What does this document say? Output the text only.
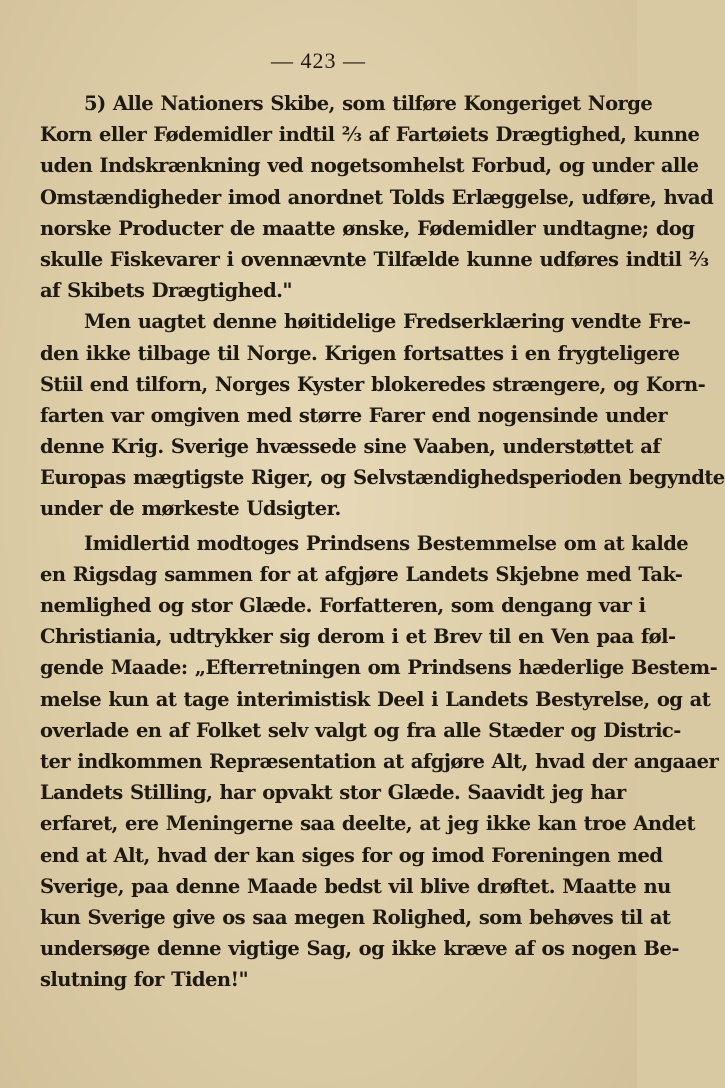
— 423 —
5) Alle Nationers Skibe, som tilføre Kongeriget Norge
Korn eller Fødemidler indtil ⅔ af Fartøiets Drægtighed, kunne
uden Indskrænkning ved nogetsomhelst Forbud, og under alle
Omstændigheder imod anordnet Tolds Erlæggelse, udføre, hvad
norske Producter de maatte ønske, Fødemidler undtagne; dog
skulle Fiskevarer i ovennævnte Tilfælde kunne udføres indtil ⅔
af Skibets Drægtighed."
Men uagtet denne høitidelige Fredserklæring vendte Fre-
den ikke tilbage til Norge. Krigen fortsattes i en frygteligere
Stiil end tilforn, Norges Kyster blokeredes strængere, og Korn-
farten var omgiven med større Farer end nogensinde under
denne Krig. Sverige hvæssede sine Vaaben, understøttet af
Europas mægtigste Riger, og Selvstændighedsperioden begyndte
under de mørkeste Udsigter.
Imidlertid modtoges Prindsens Bestemmelse om at kalde
en Rigsdag sammen for at afgjøre Landets Skjebne med Tak-
nemlighed og stor Glæde. Forfatteren, som dengang var i
Christiania, udtrykker sig derom i et Brev til en Ven paa føl-
gende Maade: „Efterretningen om Prindsens hæderlige Bestem-
melse kun at tage interimistisk Deel i Landets Bestyrelse, og at
overlade en af Folket selv valgt og fra alle Stæder og Distric-
ter indkommen Repræsentation at afgjøre Alt, hvad der angaaer
Landets Stilling, har opvakt stor Glæde. Saavidt jeg har
erfaret, ere Meningerne saa deelte, at jeg ikke kan troe Andet
end at Alt, hvad der kan siges for og imod Foreningen med
Sverige, paa denne Maade bedst vil blive drøftet. Maatte nu
kun Sverige give os saa megen Rolighed, som behøves til at
undersøge denne vigtige Sag, og ikke kræve af os nogen Be-
slutning for Tiden!"
